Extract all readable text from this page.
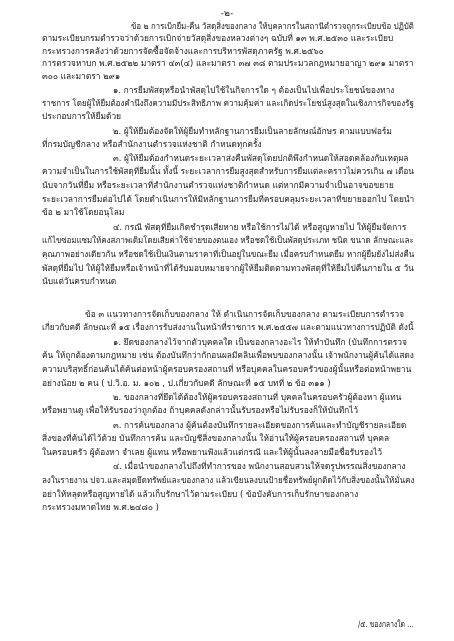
-๒-
ข้อ ๒ การเบิกยืม-คืน วัสดุสิ่งของกลาง ให้บุคลากรในสถานีตำรวจถูกระเบียบข้อ ปฏิบัติ
ตามระเบียบกรมตำรวจว่าด้วยการเบิกจ่ายวัสดุสิ่งของหลวงต่างๆ ฉบับที่ ๑๓ พ.ศ.๒๕๓๐ และระเบียบ
กระทรวงการคลังว่าด้วยการจัดซื้อจัดจ้างและการบริหารพัสดุภาครัฐ พ.ศ.๒๕๖๐
การตรวจหาบก พ.ศ.๒๕๒๒ มาตรา ๔๓(๔) และมาตรา ๓๗ ๓๘ ตามประมวลกฎหมายอาญา ๒๙๑ มาตรา
๓๐๐ และมาตรา ๒๙๑
๑. การยืมพัสดุหรือนำพัสดุไปใช้ในกิจการใด ๆ ต้องเป็นไปเพื่อประโยชน์ของทาง
ราชการ โดยผู้ให้ยืมต้องคำนึงถึงความมีประสิทธิภาพ ความคุ้มค่า และเกิดประโยชน์สูงสุดในเชิงภารกิจของรัฐ
ประกอบการให้ยืมด้วย
๒. ผู้ให้ยืมต้องจัดให้ผู้ยืมทำหลักฐานการยืมเป็นลายลักษณ์อักษร ตามแบบฟอร์ม
ที่กรมบัญชีกลาง หรือสำนักงานตำรวจแห่งชาติ กำหนดทุกครั้ง
๓. ผู้ให้ยืมต้องกำหนดระยะเวลาส่งคืนพัสดุโดยปกติพึงกำหนดให้สอดคล้องกับเหตุผล
ความจำเป็นในการใช้พัสดุที่ยืมนั้น ทั้งนี้ ระยะเวลาการยืมสูงสุดสำหรับการยืมแต่ละคราวไม่ควรเกิน ๗ เดือน
นับจากวันที่ยืม หรือระยะเวลาที่สำนักงานตำรวจแห่งชาติกำหนด แต่หากมีความจำเป็นอาจขอขยาย
ระยะเวลาการยืมต่อไปได้ โดยดำเนินการให้มีหลักฐานการยืมที่ครอบคลุมระยะเวลาที่ขยายออกไป โดยนำ
ข้อ ๒ มาใช้โดยอนุโลม
๔. กรณี พัสดุที่ยืมเกิดชำรุดเสียหาย หรือใช้การไม่ได้ หรือสูญหายไป ให้ผู้ยืมจัดการ
แก้ไขซ่อมแซมให้คงสภาพเดิมโดยเสียค่าใช้จ่ายของตนเอง หรือชดใช้เป็นพัสดุประเภท ชนิด ขนาด ลักษณะและ
คุณภาพอย่างเดียวกัน หรือชดใช้เป็นเงินตามราคาที่เป็นอยู่ในขณะยืม เมื่อครบกำหนดยืม หากผู้ยืมยังไม่ส่งคืน
พัสดุที่ยืมไป ให้ผู้ให้ยืมหรือเจ้าหน้าที่ได้รับมอบหมายจากผู้ให้ยืมติดตามทวงพัสดุที่ให้ยืมไปคืนภายใน ๕ วัน
นับแต่วันครบกำหนด
ข้อ ๓ แนวทางการจัดเก็บของกลาง ให้ ดำเนินการจัดเก็บของกลาง ตามระเบียบการตำรวจ
เกี่ยวกับคดี ลักษณะที่ ๑๕ เรื่องการรับส่งงานในหน้าที่ราชการ พ.ศ.๒๕๕๗ และตามแนวทางการปฏิบัติ ดังนี้
๑. ยึดของกลางไว้จากตัวบุคคลใด เป็นของกลางอะไร ให้ทำบันทึก (บันทึกการตรวจ
ค้น ให้ถูกต้องตามกฎหมาย เช่น ต้องบันทึกว่ากักอนผลมีคลินเพื่อพบของกลางนั้น เจ้าพนักงานผู้ค้นได้แสดง
ความบริสุทธิ์ก่อนค้นได้ค้นต่อหน้าผู้ครอบครองสถานที่ หรือบุคคลในครอบครัวของผู้นั้นหรือต่อหน้าพยาน
อย่างน้อย ๒ คน ( ป.วิ.อ. ม. ๑๐๒ , ป.เกี่ยวกับคดี ลักษณะที่ ๑๕ บทที่ ๒ ข้อ ๓๑๑ )
๒. ของกลางที่ยึดได้ต้องให้ผู้ครอบครองสถานที่ บุคคลในครอบครัวผู้ต้องหา ผู้แทน
หรือพยานดู เพื่อให้รับรองว่าถูกต้อง ถ้าบุคคลดังกล่าวนั้นรับรองหรือไม่รับรองก็ให้บันทึกไว้
๓. การค้นของกลาง ผู้ค้นต้องบันทึกรายละเอียดของการค้นและทำบัญชีรายละเอียด
สิ่งของที่ค้นได้ไว้ด้วย บันทึกการค้น และบัญชีสิ่งของกลางนั้น ให้อ่านให้ผู้ครอบครองสถานที่ บุคคล
ในครอบครัว ผู้ต้องหา จำเลย ผู้แทน หรือพยานฟังแล้วแต่กรณี และให้ผู้นั้นลงลายมือชื่อรับรองไว้
๔. เมื่อนำของกลางไปถึงที่ทำการของ พนักงานสอบสวนให้จดรูปพรรณสิ่งของกลาง
ลงในรายงาน ปจว.และสมุดยึดทรัพย์และของกลาง แล้วเขียนลงบนป้ายชื่อทรัพย์ผูกติดไว้กับสิ่งของนั้นให้มั่นคง
อย่าให้หลุดหรือสูญหายได้ แล้วเก็บรักษาไว้ตามระเบียบ ( ข้อบังคับการเก็บรักษาของกลาง
กระทรวงมหาดไทย พ.ศ.๒๔๘๐ )
/๕. ของกลางใด ...
